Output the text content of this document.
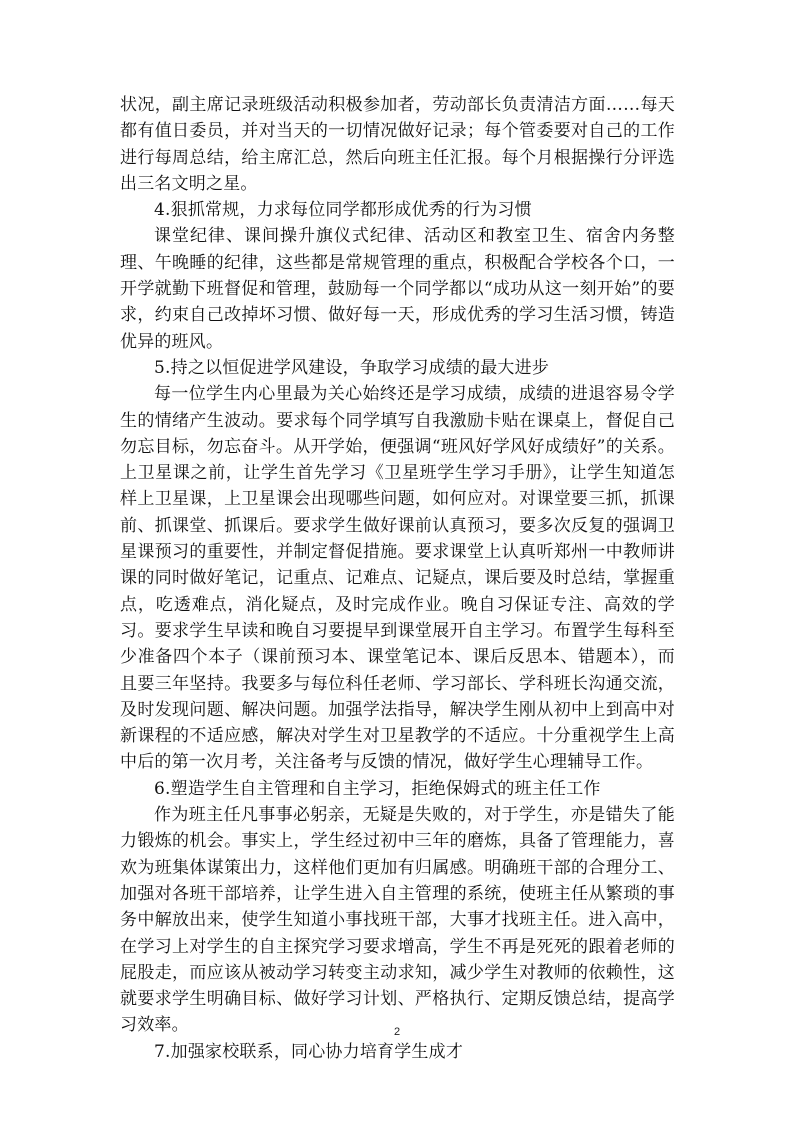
状况，副主席记录班级活动积极参加者，劳动部长负责清洁方面……每天都有值日委员，并对当天的一切情况做好记录；每个管委要对自己的工作进行每周总结，给主席汇总，然后向班主任汇报。每个月根据操行分评选出三名文明之星。

4.狠抓常规，力求每位同学都形成优秀的行为习惯

课堂纪律、课间操升旗仪式纪律、活动区和教室卫生、宿舍内务整理、午晚睡的纪律，这些都是常规管理的重点，积极配合学校各个口，一开学就勤下班督促和管理，鼓励每一个同学都以“成功从这一刻开始”的要求，约束自己改掉坏习惯、做好每一天，形成优秀的学习生活习惯，铸造优异的班风。

5.持之以恒促进学风建设，争取学习成绩的最大进步

每一位学生内心里最为关心始终还是学习成绩，成绩的进退容易令学生的情绪产生波动。要求每个同学填写自我激励卡贴在课桌上，督促自己勿忘目标，勿忘奋斗。从开学始，便强调“班风好学风好成绩好”的关系。上卫星课之前，让学生首先学习《卫星班学生学习手册》，让学生知道怎样上卫星课，上卫星课会出现哪些问题，如何应对。对课堂要三抓，抓课前、抓课堂、抓课后。要求学生做好课前认真预习，要多次反复的强调卫星课预习的重要性，并制定督促措施。要求课堂上认真听郑州一中教师讲课的同时做好笔记，记重点、记难点、记疑点，课后要及时总结，掌握重点，吃透难点，消化疑点，及时完成作业。晚自习保证专注、高效的学习。要求学生早读和晚自习要提早到课堂展开自主学习。布置学生每科至少准备四个本子（课前预习本、课堂笔记本、课后反思本、错题本），而且要三年坚持。我要多与每位科任老师、学习部长、学科班长沟通交流，及时发现问题、解决问题。加强学法指导，解决学生刚从初中上到高中对新课程的不适应感，解决对学生对卫星教学的不适应。十分重视学生上高中后的第一次月考，关注备考与反馈的情况，做好学生心理辅导工作。

6.塑造学生自主管理和自主学习，拒绝保姆式的班主任工作

作为班主任凡事事必躬亲，无疑是失败的，对于学生，亦是错失了能力锻炼的机会。事实上，学生经过初中三年的磨炼，具备了管理能力，喜欢为班集体谋策出力，这样他们更加有归属感。明确班干部的合理分工、加强对各班干部培养，让学生进入自主管理的系统，使班主任从繁琐的事务中解放出来，使学生知道小事找班干部，大事才找班主任。进入高中，在学习上对学生的自主探究学习要求增高，学生不再是死死的跟着老师的屁股走，而应该从被动学习转变主动求知，减少学生对教师的依赖性，这就要求学生明确目标、做好学习计划、严格执行、定期反馈总结，提高学习效率。

7.加强家校联系，同心协力培育学生成才

2
